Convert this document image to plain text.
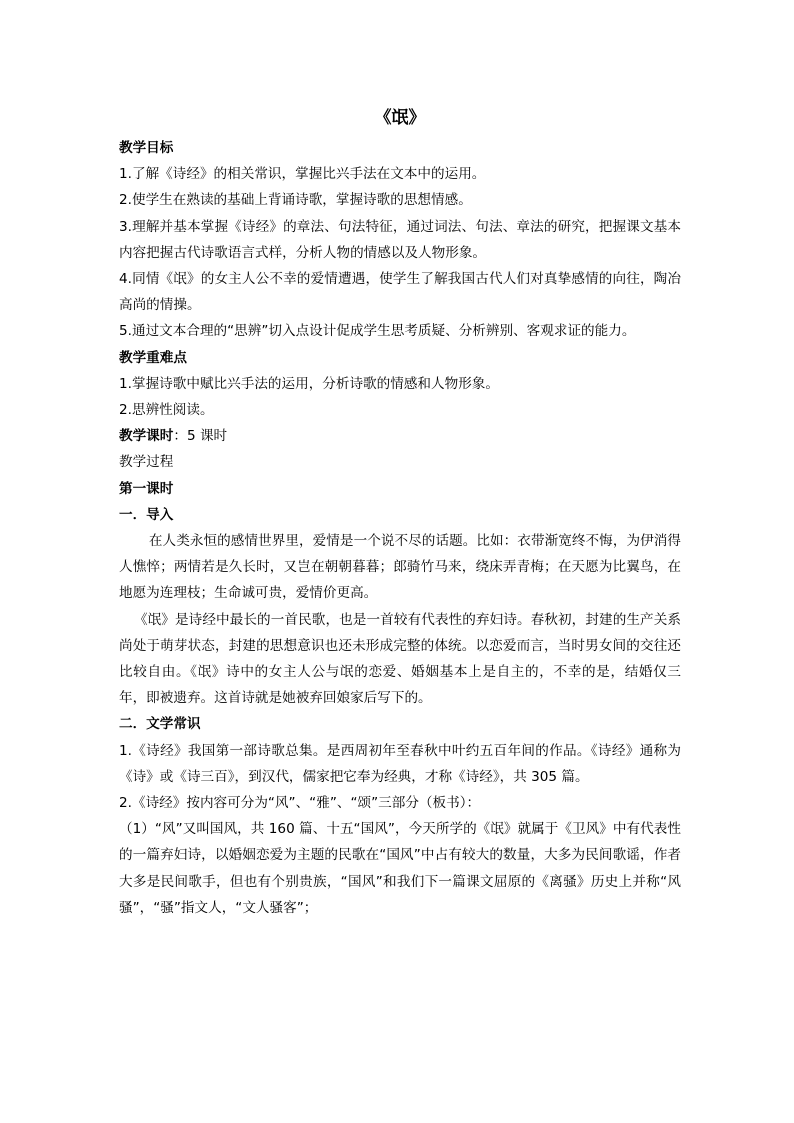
《氓》
教学目标
1.了解《诗经》的相关常识，掌握比兴手法在文本中的运用。
2.使学生在熟读的基础上背诵诗歌，掌握诗歌的思想情感。
3.理解并基本掌握《诗经》的章法、句法特征，通过词法、句法、章法的研究，把握课文基本内容把握古代诗歌语言式样，分析人物的情感以及人物形象。
4.同情《氓》的女主人公不幸的爱情遭遇，使学生了解我国古代人们对真挚感情的向往，陶冶高尚的情操。
5.通过文本合理的“思辨”切入点设计促成学生思考质疑、分析辨别、客观求证的能力。
教学重难点
1.掌握诗歌中赋比兴手法的运用，分析诗歌的情感和人物形象。
2.思辨性阅读。
教学课时：5 课时
教学过程
第一课时
一．导入
在人类永恒的感情世界里，爱情是一个说不尽的话题。比如：衣带渐宽终不悔，为伊消得人憔悴；两情若是久长时，又岂在朝朝暮暮；郎骑竹马来，绕床弄青梅；在天愿为比翼鸟，在地愿为连理枝；生命诚可贵，爱情价更高。
《氓》是诗经中最长的一首民歌，也是一首较有代表性的弃妇诗。春秋初，封建的生产关系尚处于萌芽状态，封建的思想意识也还未形成完整的体统。以恋爱而言，当时男女间的交往还比较自由。《氓》诗中的女主人公与氓的恋爱、婚姻基本上是自主的，不幸的是，结婚仅三年，即被遗弃。这首诗就是她被弃回娘家后写下的。
二．文学常识
1.《诗经》我国第一部诗歌总集。是西周初年至春秋中叶约五百年间的作品。《诗经》通称为《诗》或《诗三百》，到汉代，儒家把它奉为经典，才称《诗经》，共 305 篇。
2.《诗经》按内容可分为“风”、“雅”、“颂”三部分（板书）：
（1）“风”又叫国风，共 160 篇、十五“国风”，今天所学的《氓》就属于《卫风》中有代表性的一篇弃妇诗，以婚姻恋爱为主题的民歌在“国风”中占有较大的数量，大多为民间歌谣，作者大多是民间歌手，但也有个别贵族，“国风”和我们下一篇课文屈原的《离骚》历史上并称“风骚”，“骚”指文人，“文人骚客”；
